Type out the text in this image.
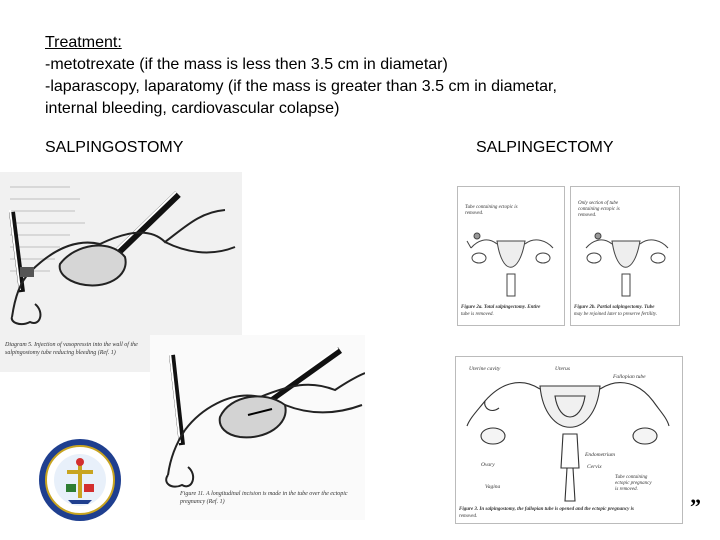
Treatment:
-metotrexate (if the mass is less then 3.5 cm in diametar)
-laparascopy, laparatomy (if the mass is greater than 3.5 cm in diametar,
internal bleeding, cardiovascular colapse)
SALPINGOSTOMY	SALPINGECTOMY
Diagram 5. Injection of vasopressin into the wall of the
salpingostomy tube reducing bleeding (Ref. 1)
Figure 11. A longitudinal incision is made in the tube over the ectopic
pregnancy (Ref. 1)
Tube containing ectopic is removed.
Figure 2a. Total salpingectomy. Entire
tube is removed.
Only section of tube
containing ectopic is
removed.
Figure 2b. Partial salpingectomy. Tube
may be rejoined later to preserve fertility.
Uterine cavity	Uterus
Fallopian tube
Endometrium
Ovary	Cervix
Vagina
Tube containing
ectopic pregnancy
is removed.
Figure 3. In salpingostomy, the fallopian tube is opened and the ectopic pregnancy is
removed.	”
